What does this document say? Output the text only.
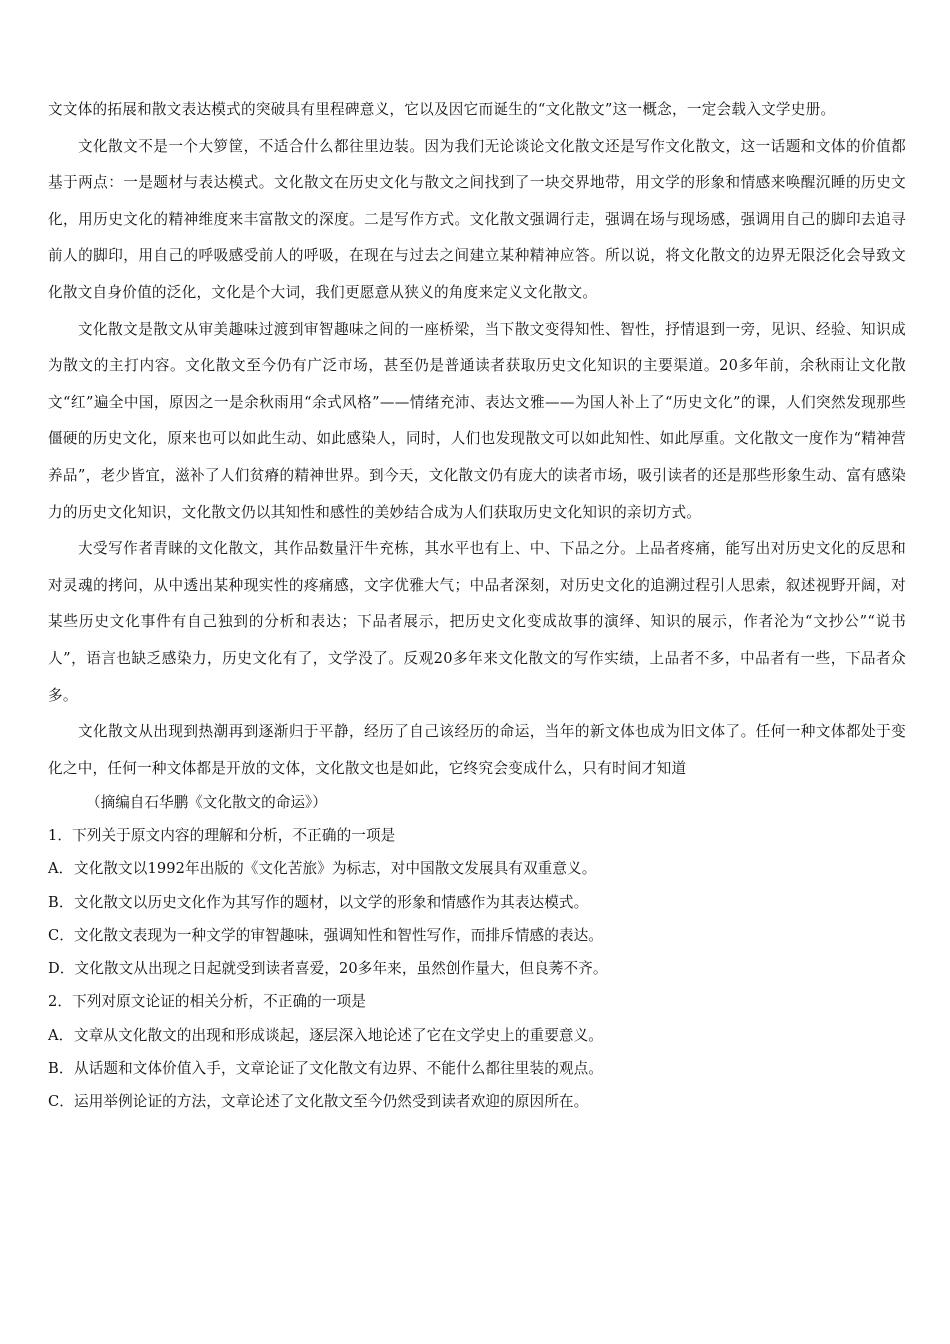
文文体的拓展和散文表达模式的突破具有里程碑意义，它以及因它而诞生的“文化散文”这一概念，一定会载入文学史册。

文化散文不是一个大箩筐，不适合什么都往里边装。因为我们无论谈论文化散文还是写作文化散文，这一话题和文体的价值都基于两点：一是题材与表达模式。文化散文在历史文化与散文之间找到了一块交界地带，用文学的形象和情感来唤醒沉睡的历史文化，用历史文化的精神维度来丰富散文的深度。二是写作方式。文化散文强调行走，强调在场与现场感，强调用自己的脚印去追寻前人的脚印，用自己的呼吸感受前人的呼吸，在现在与过去之间建立某种精神应答。所以说，将文化散文的边界无限泛化会导致文化散文自身价值的泛化，文化是个大词，我们更愿意从狭义的角度来定义文化散文。

文化散文是散文从审美趣味过渡到审智趣味之间的一座桥梁，当下散文变得知性、智性，抒情退到一旁，见识、经验、知识成为散文的主打内容。文化散文至今仍有广泛市场，甚至仍是普通读者获取历史文化知识的主要渠道。20多年前，余秋雨让文化散文“红”遍全中国，原因之一是余秋雨用“余式风格”——情绪充沛、表达文雅——为国人补上了“历史文化”的课，人们突然发现那些僵硬的历史文化，原来也可以如此生动、如此感染人，同时，人们也发现散文可以如此知性、如此厚重。文化散文一度作为“精神营养品”，老少皆宜，滋补了人们贫瘠的精神世界。到今天，文化散文仍有庞大的读者市场，吸引读者的还是那些形象生动、富有感染力的历史文化知识，文化散文仍以其知性和感性的美妙结合成为人们获取历史文化知识的亲切方式。

大受写作者青睐的文化散文，其作品数量汗牛充栋，其水平也有上、中、下品之分。上品者疼痛，能写出对历史文化的反思和对灵魂的拷问，从中透出某种现实性的疼痛感，文字优雅大气；中品者深刻，对历史文化的追溯过程引人思索，叙述视野开阔，对某些历史文化事件有自己独到的分析和表达；下品者展示，把历史文化变成故事的演绎、知识的展示，作者沦为“文抄公”“说书人”，语言也缺乏感染力，历史文化有了，文学没了。反观20多年来文化散文的写作实绩，上品者不多，中品者有一些，下品者众多。

文化散文从出现到热潮再到逐渐归于平静，经历了自己该经历的命运，当年的新文体也成为旧文体了。任何一种文体都处于变化之中，任何一种文体都是开放的文体，文化散文也是如此，它终究会变成什么，只有时间才知道

（摘编自石华鹏《文化散文的命运》）

1．下列关于原文内容的理解和分析，不正确的一项是
A．文化散文以1992年出版的《文化苦旅》为标志，对中国散文发展具有双重意义。
B．文化散文以历史文化作为其写作的题材，以文学的形象和情感作为其表达模式。
C．文化散文表现为一种文学的审智趣味，强调知性和智性写作，而排斥情感的表达。
D．文化散文从出现之日起就受到读者喜爱，20多年来，虽然创作量大，但良莠不齐。
2．下列对原文论证的相关分析，不正确的一项是
A．文章从文化散文的出现和形成谈起，逐层深入地论述了它在文学史上的重要意义。
B．从话题和文体价值入手，文章论证了文化散文有边界、不能什么都往里装的观点。
C．运用举例论证的方法，文章论述了文化散文至今仍然受到读者欢迎的原因所在。
